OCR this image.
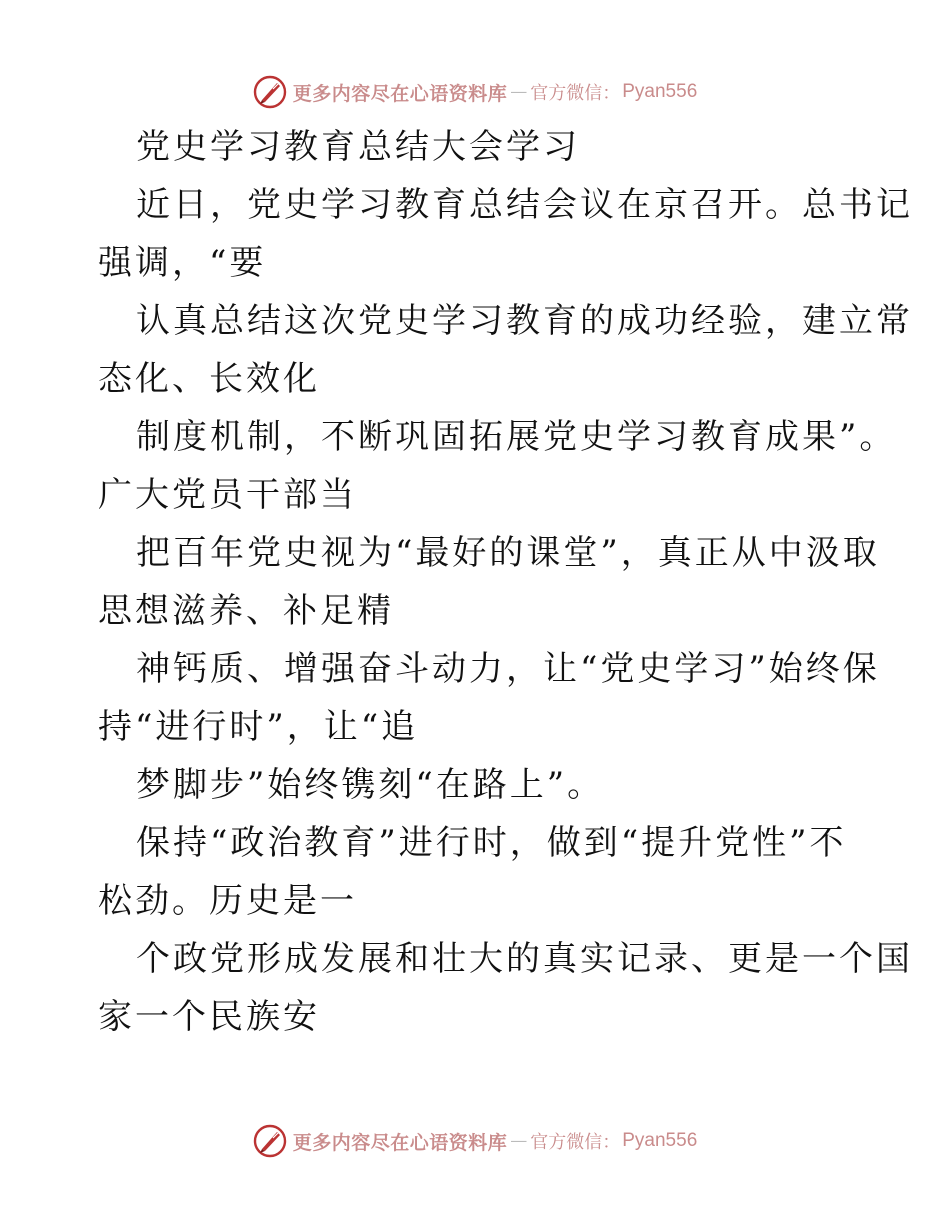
更多内容尽在心语资料库 — 官方微信： Pyan556
党史学习教育总结大会学习
近日，党史学习教育总结会议在京召开。总书记
强调，“要
认真总结这次党史学习教育的成功经验，建立常
态化、长效化
制度机制，不断巩固拓展党史学习教育成果”。
广大党员干部当
把百年党史视为“最好的课堂”，真正从中汲取
思想滋养、补足精
神钙质、增强奋斗动力，让“党史学习”始终保
持“进行时”，让“追
梦脚步”始终镌刻“在路上”。
保持“政治教育”进行时，做到“提升党性”不
松劲。历史是一
个政党形成发展和壮大的真实记录、更是一个国
家一个民族安
更多内容尽在心语资料库 — 官方微信： Pyan556
